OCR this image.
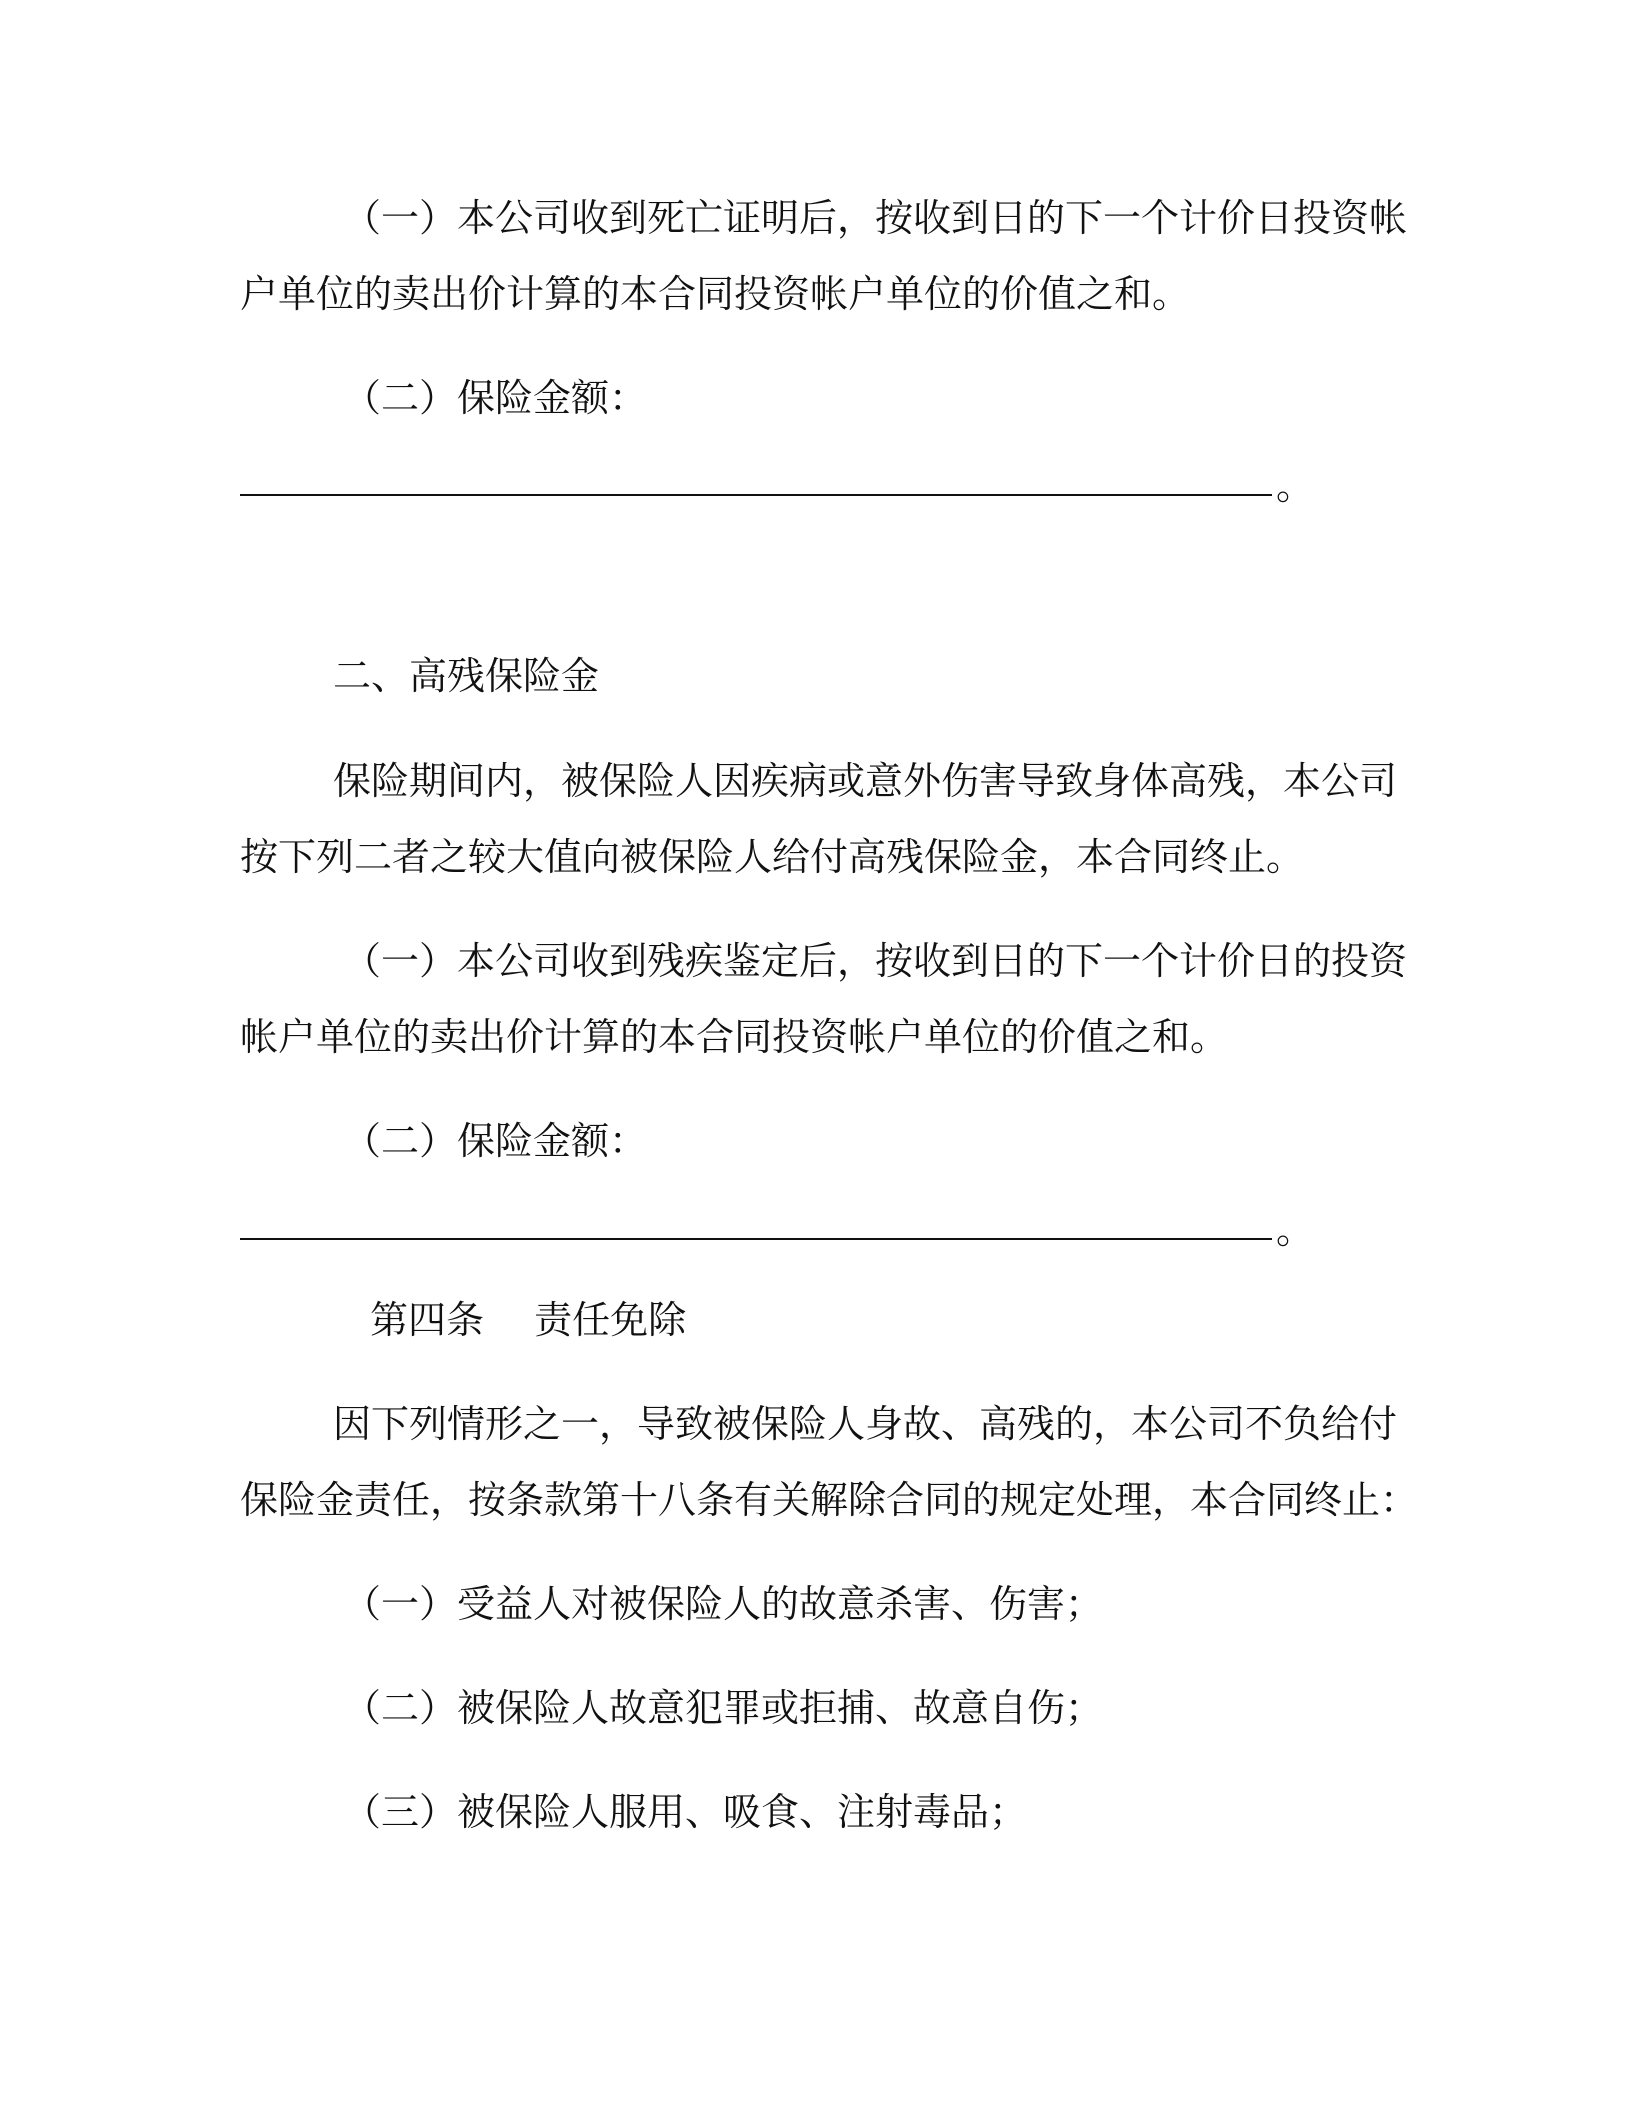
（一）本公司收到死亡证明后，按收到日的下一个计价日投资帐
户单位的卖出价计算的本合同投资帐户单位的价值之和。
（二）保险金额：
。
二、高残保险金
保险期间内，被保险人因疾病或意外伤害导致身体高残，本公司
按下列二者之较大值向被保险人给付高残保险金，本合同终止。
（一）本公司收到残疾鉴定后，按收到日的下一个计价日的投资
帐户单位的卖出价计算的本合同投资帐户单位的价值之和。
（二）保险金额：
。
第四条　 责任免除
因下列情形之一，导致被保险人身故、高残的，本公司不负给付
保险金责任，按条款第十八条有关解除合同的规定处理，本合同终止：
（一）受益人对被保险人的故意杀害、伤害；
（二）被保险人故意犯罪或拒捕、故意自伤；
（三）被保险人服用、吸食、注射毒品；
